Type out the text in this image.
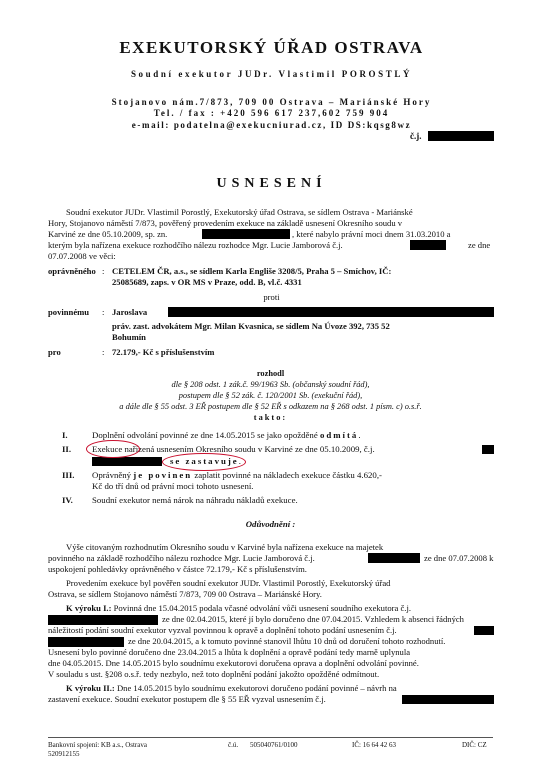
EXEKUTORSKÝ ÚŘAD OSTRAVA
Soudní exekutor JUDr. Vlastimil POROSTLÝ
Stojanovo nám.7/873, 709 00 Ostrava – Mariánské Hory
Tel. / fax : +420 596 617 237,602 759 904
e-mail: podatelna@exekucniurad.cz, ID DS:kqsg8wz
č.j.
USNESENÍ
Soudní exekutor JUDr. Vlastimil Porostlý, Exekutorský úřad Ostrava, se sídlem Ostrava - Mariánské
Hory, Stojanovo náměstí 7/873, pověřený provedením exekuce na základě usnesení Okresního soudu v
Karviné ze dne 05.10.2009, sp. zn.	, které nabylo právní moci dnem 31.03.2010 a
kterým byla nařízena exekuce rozhodčího nálezu rozhodce Mgr. Lucie Jamborová č.j.	ze dne
07.07.2008 ve věci:
oprávněného : CETELEM ČR, a.s., se sídlem Karla Engliše 3208/5, Praha 5 – Smíchov, IČ:
25085689, zaps. v OR MS v Praze, odd. B, vl.č. 4331
proti
povinnému : Jaroslava
práv. zast. advokátem Mgr. Milan Kvasnica, se sídlem Na Úvoze 392, 735 52
Bohumín
pro	: 72.179,- Kč s příslušenstvím
rozhodl
dle § 208 odst. 1 zák.č. 99/1963 Sb. (občanský soudní řád),
postupem dle § 52 zák. č. 120/2001 Sb. (exekuční řád),
a dále dle § 55 odst. 3 EŘ postupem dle § 52 EŘ s odkazem na § 268 odst. 1 písm. c) o.s.ř.
takto:
I.	Doplnění odvolání povinné ze dne 14.05.2015 se jako opožděné odmítá.
II. Exekuce nařízená usnesením Okresního soudu v Karviné ze dne 05.10.2009, č.j.
se zastavuje.
III. Oprávněný je povinen zaplatit povinné na nákladech exekuce částku 4.620,-
Kč do tří dnů od právní moci tohoto usnesení.
IV. Soudní exekutor nemá nárok na náhradu nákladů exekuce.
Odůvodnění :
Výše citovaným rozhodnutím Okresního soudu v Karviné byla nařízena exekuce na majetek
povinného na základě rozhodčího nálezu rozhodce Mgr. Lucie Jamborová č.j.	ze dne 07.07.2008 k
uspokojení pohledávky oprávněného v částce 72.179,- Kč s příslušenstvím.
Provedením exekuce byl pověřen soudní exekutor JUDr. Vlastimil Porostlý, Exekutorský úřad
Ostrava, se sídlem Stojanovo náměstí 7/873, 709 00 Ostrava – Mariánské Hory.
K výroku I.: Povinná dne 15.04.2015 podala včasné odvolání vůči usnesení soudního exekutora č.j.
ze dne 02.04.2015, které jí bylo doručeno dne 07.04.2015. Vzhledem k absenci řádných
náležitostí podání soudní exekutor vyzval povinnou k opravě a doplnění tohoto podání usnesením č.j.
ze dne 20.04.2015, a k tomuto povinné stanovil lhůtu 10 dnů od doručení tohoto rozhodnutí.
Usnesení bylo povinné doručeno dne 23.04.2015 a lhůta k doplnění a opravě podání tedy marně uplynula
dne 04.05.2015. Dne 14.05.2015 bylo soudnímu exekutorovi doručena oprava a doplnění odvolání povinné.
V souladu s ust. §208 o.s.ř. tedy nezbylo, než toto doplnění podání jakožto opožděné odmítnout.
K výroku II.: Dne 14.05.2015 bylo soudnímu exekutorovi doručeno podání povinné – návrh na
zastavení exekuce. Soudní exekutor postupem dle § 55 EŘ vyzval usnesením č.j.
Bankovní spojení: KB a.s., Ostrava	č.ú. 505040761/0100	IČ: 16 64 42 63	DIČ: CZ
520912155
